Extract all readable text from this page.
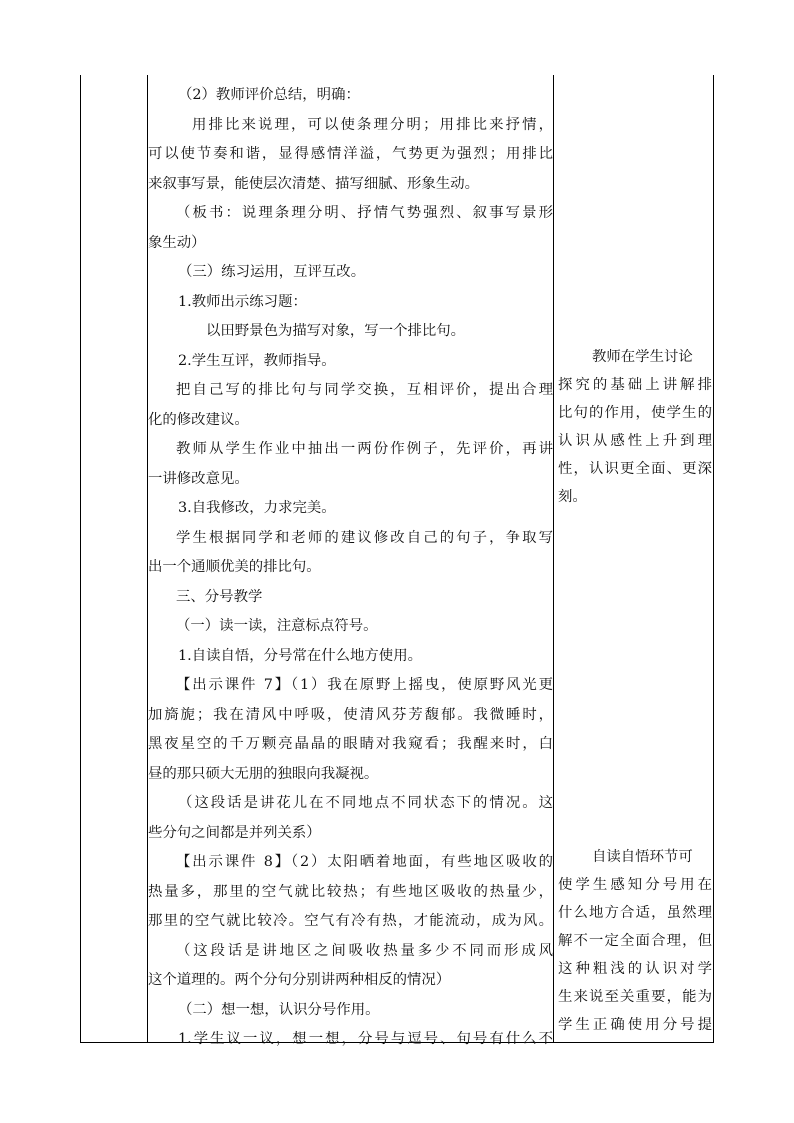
（2）教师评价总结，明确：

用排比来说理，可以使条理分明；用排比来抒情，

可以使节奏和谐，显得感情洋溢，气势更为强烈；用排比

来叙事写景，能使层次清楚、描写细腻、形象生动。

（板书：说理条理分明、抒情气势强烈、叙事写景形

象生动）

（三）练习运用，互评互改。

1.教师出示练习题：

以田野景色为描写对象，写一个排比句。

2.学生互评，教师指导。

把自己写的排比句与同学交换，互相评价，提出合理

化的修改建议。

教师从学生作业中抽出一两份作例子，先评价，再讲

一讲修改意见。

3.自我修改，力求完美。

学生根据同学和老师的建议修改自己的句子，争取写

出一个通顺优美的排比句。

三、分号教学

（一）读一读，注意标点符号。

1.自读自悟，分号常在什么地方使用。

【出示课件 7】（1）我在原野上摇曳，使原野风光更

加旖旎；我在清风中呼吸，使清风芬芳馥郁。我微睡时，

黑夜星空的千万颗亮晶晶的眼睛对我窥看；我醒来时，白

昼的那只硕大无朋的独眼向我凝视。

（这段话是讲花儿在不同地点不同状态下的情况。这

些分句之间都是并列关系）

【出示课件 8】（2）太阳晒着地面，有些地区吸收的

热量多，那里的空气就比较热；有些地区吸收的热量少，

那里的空气就比较冷。空气有冷有热，才能流动，成为风。

（这段话是讲地区之间吸收热量多少不同而形成风

这个道理的。两个分句分别讲两种相反的情况）

（二）想一想，认识分号作用。

1.学生议一议，想一想，分号与逗号、句号有什么不

教师在学生讨论

探究的基础上讲解排

比句的作用，使学生的

认识从感性上升到理

性，认识更全面、更深

刻。

自读自悟环节可

使学生感知分号用在

什么地方合适，虽然理

解不一定全面合理，但

这种粗浅的认识对学

生来说至关重要，能为

学生正确使用分号提
